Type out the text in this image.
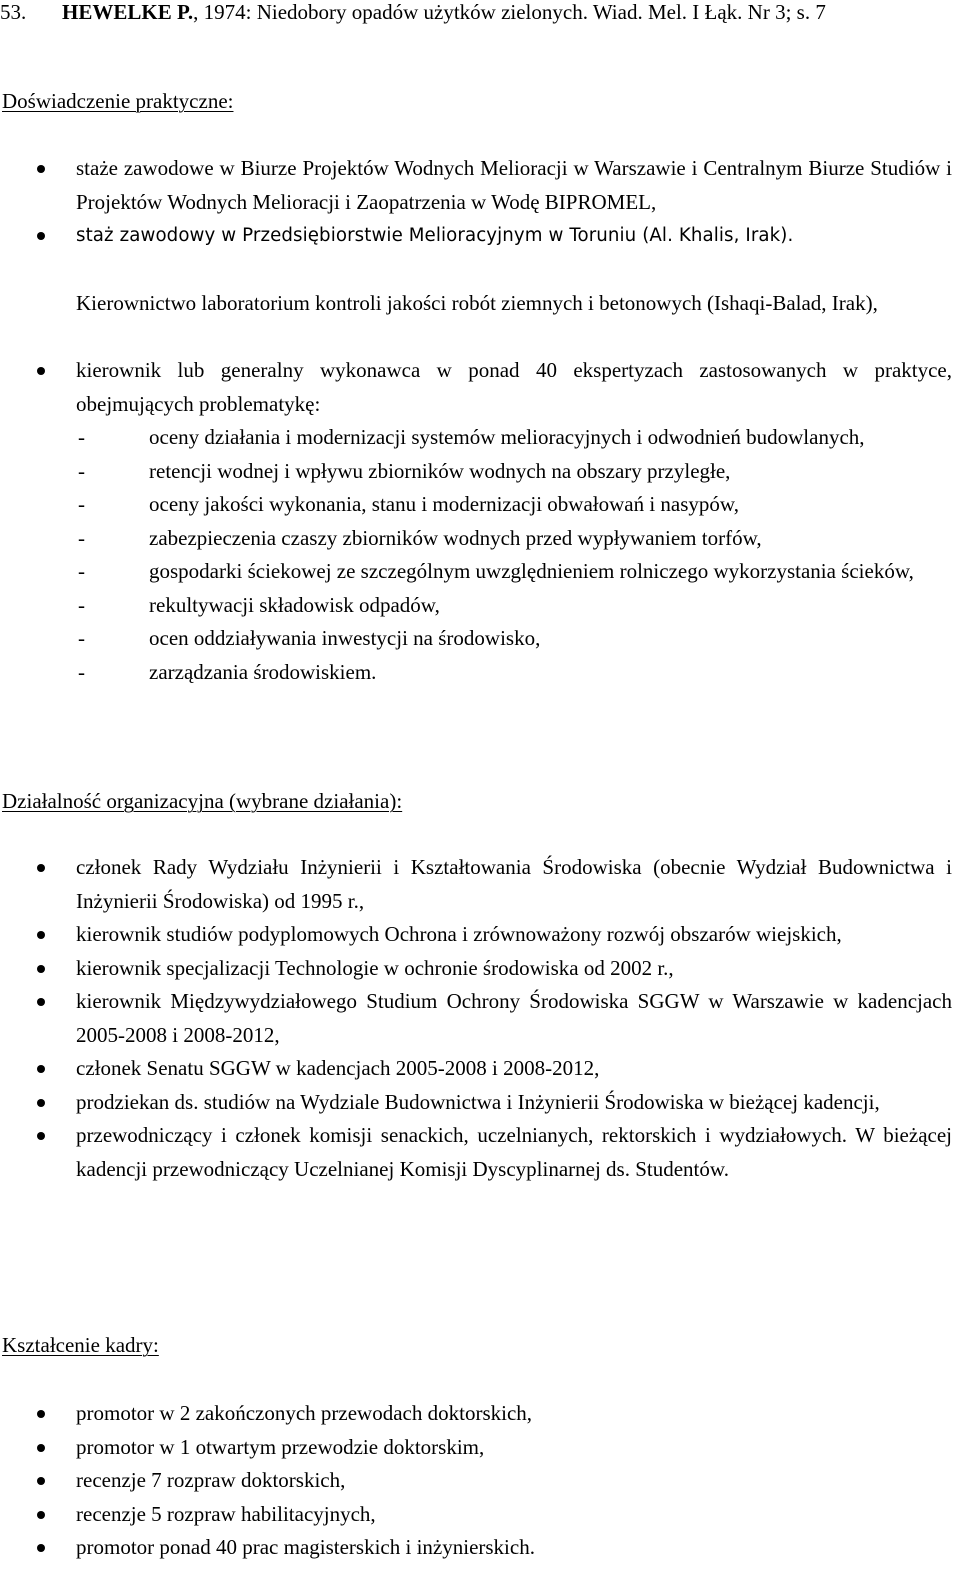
53. HEWELKE P., 1974: Niedobory opadów użytków zielonych. Wiad. Mel. I Łąk. Nr 3; s. 7
Doświadczenie praktyczne:
staże zawodowe w Biurze Projektów Wodnych Melioracji w Warszawie i Centralnym Biurze Studiów i Projektów Wodnych Melioracji i Zaopatrzenia w Wodę BIPROMEL,
staż zawodowy w Przedsiębiorstwie Melioracyjnym w Toruniu (Al. Khalis, Irak).
Kierownictwo laboratorium kontroli jakości robót ziemnych i betonowych (Ishaqi-Balad, Irak),
kierownik lub generalny wykonawca w ponad 40 ekspertyzach zastosowanych w praktyce, obejmujących problematykę:
-	oceny działania i modernizacji systemów melioracyjnych i odwodnień budowlanych,
-	retencji wodnej i wpływu zbiorników wodnych na obszary przyległe,
-	oceny jakości wykonania, stanu i modernizacji obwałowań i nasypów,
-	zabezpieczenia czaszy zbiorników wodnych przed wypływaniem torfów,
-	gospodarki ściekowej ze szczególnym uwzględnieniem rolniczego wykorzystania ścieków,
-	rekultywacji składowisk odpadów,
-	ocen oddziaływania inwestycji na środowisko,
-	zarządzania środowiskiem.
Działalność organizacyjna (wybrane działania):
członek Rady Wydziału Inżynierii i Kształtowania Środowiska (obecnie Wydział Budownictwa i Inżynierii Środowiska) od 1995 r.,
kierownik studiów podyplomowych Ochrona i zrównoważony rozwój obszarów wiejskich,
kierownik specjalizacji Technologie w ochronie środowiska od 2002 r.,
kierownik Międzywydziałowego Studium Ochrony Środowiska SGGW w Warszawie w kadencjach 2005-2008 i 2008-2012,
członek Senatu SGGW w kadencjach 2005-2008 i 2008-2012,
prodziekan ds. studiów na Wydziale Budownictwa i Inżynierii Środowiska w bieżącej kadencji,
przewodniczący i członek komisji senackich, uczelnianych, rektorskich i wydziałowych. W bieżącej kadencji przewodniczący Uczelnianej Komisji Dyscyplinarnej ds. Studentów.
Kształcenie kadry:
promotor w 2 zakończonych przewodach doktorskich,
promotor w 1 otwartym przewodzie doktorskim,
recenzje 7 rozpraw doktorskich,
recenzje 5 rozpraw habilitacyjnych,
promotor ponad 40 prac magisterskich i inżynierskich.
